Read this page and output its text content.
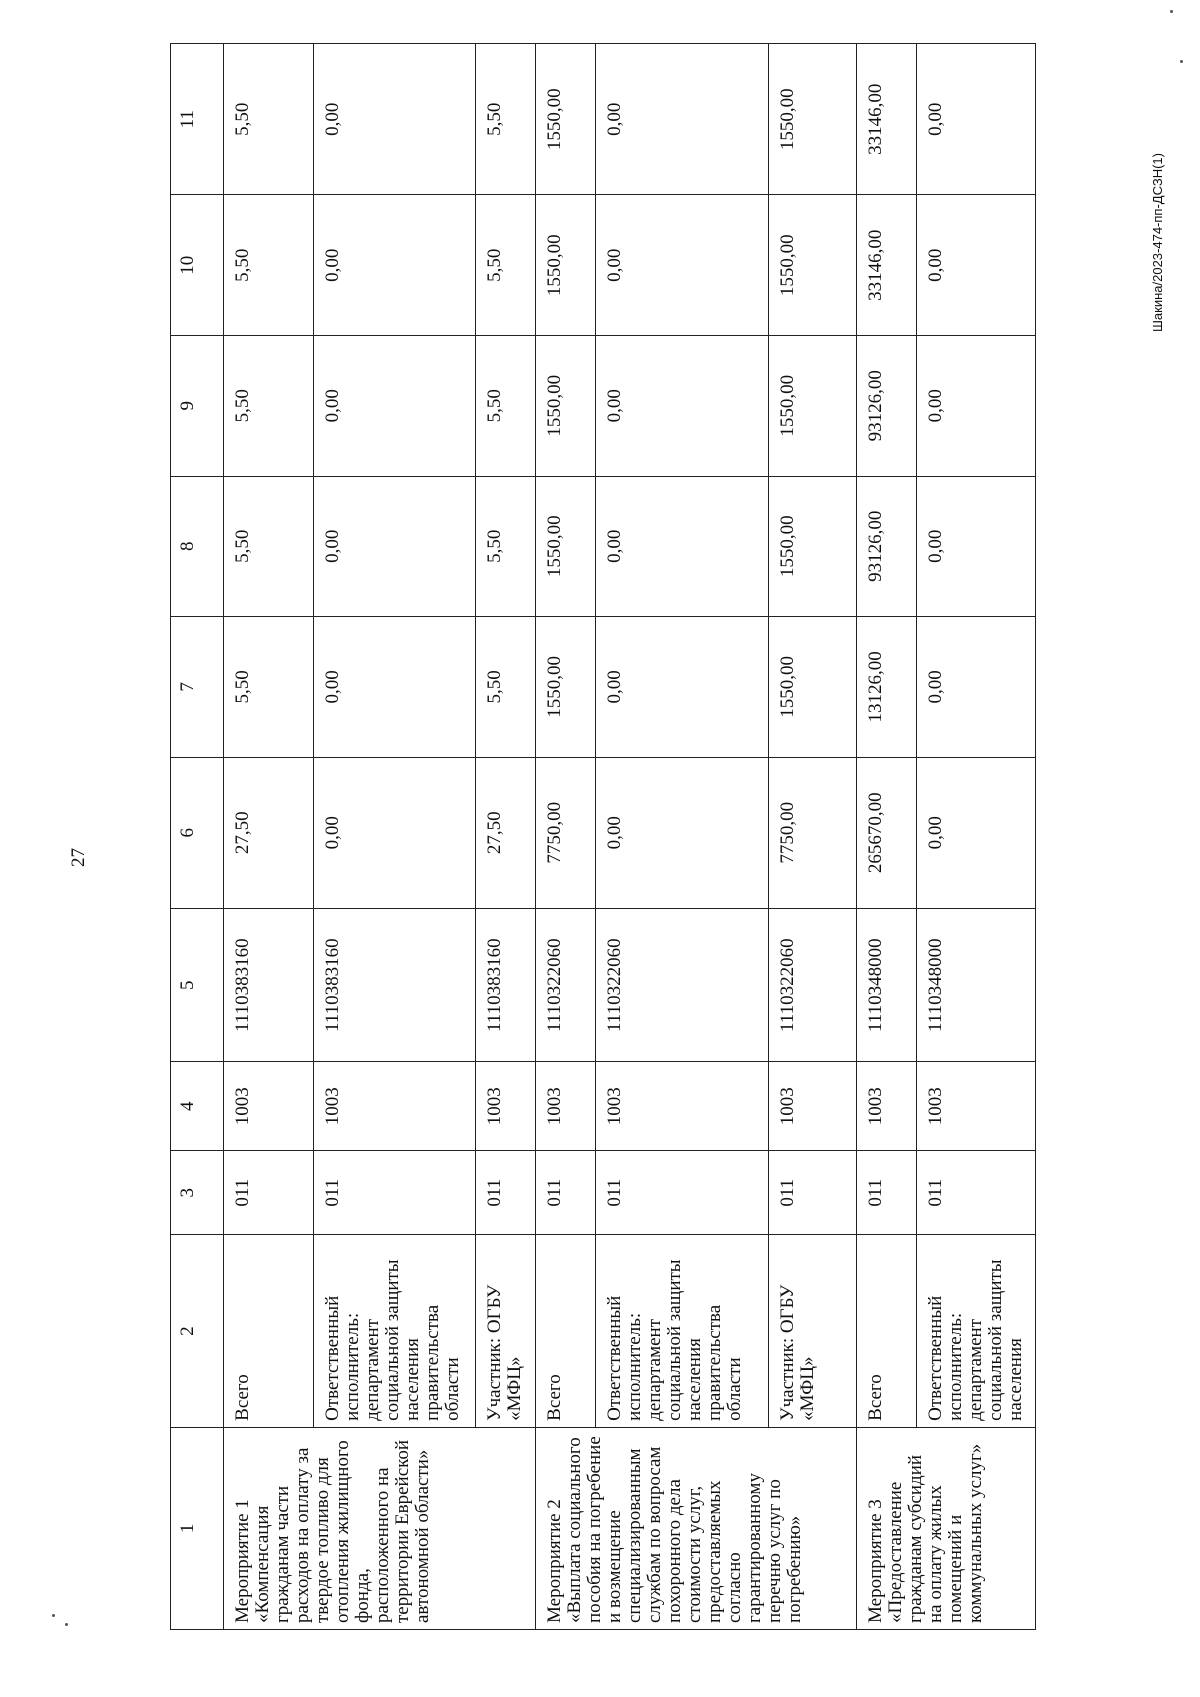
27
1	2	3	4	5	6	7	8	9	10	11
Мероприятие 1 «Компенсация гражданам части расходов на оплату за твердое топливо для отопления жилищного фонда, расположенного на территории Еврейской автономной области»	Всего	011	1003	1110383160	27,50	5,50	5,50	5,50	5,50	5,50
	Ответственный исполнитель: департамент социальной защиты населения правительства области	011	1003	1110383160	0,00	0,00	0,00	0,00	0,00	0,00
	Участник: ОГБУ «МФЦ»	011	1003	1110383160	27,50	5,50	5,50	5,50	5,50	5,50
Мероприятие 2 «Выплата социального пособия на погребение и возмещение специализированным службам по вопросам похоронного дела стоимости услуг, предоставляемых согласно гарантированному перечню услуг по погребению»	Всего	011	1003	1110322060	7750,00	1550,00	1550,00	1550,00	1550,00	1550,00
	Ответственный исполнитель: департамент социальной защиты населения правительства области	011	1003	1110322060	0,00	0,00	0,00	0,00	0,00	0,00
	Участник: ОГБУ «МФЦ»	011	1003	1110322060	7750,00	1550,00	1550,00	1550,00	1550,00	1550,00
Мероприятие 3 «Предоставление гражданам субсидий на оплату жилых помещений и коммунальных услуг»	Всего	011	1003	1110348000	265670,00	13126,00	93126,00	93126,00	33146,00	33146,00
	Ответственный исполнитель: департамент социальной защиты населения	011	1003	1110348000	0,00	0,00	0,00	0,00	0,00	0,00
Шакина/2023-474-пп-ДСЗН(1)
